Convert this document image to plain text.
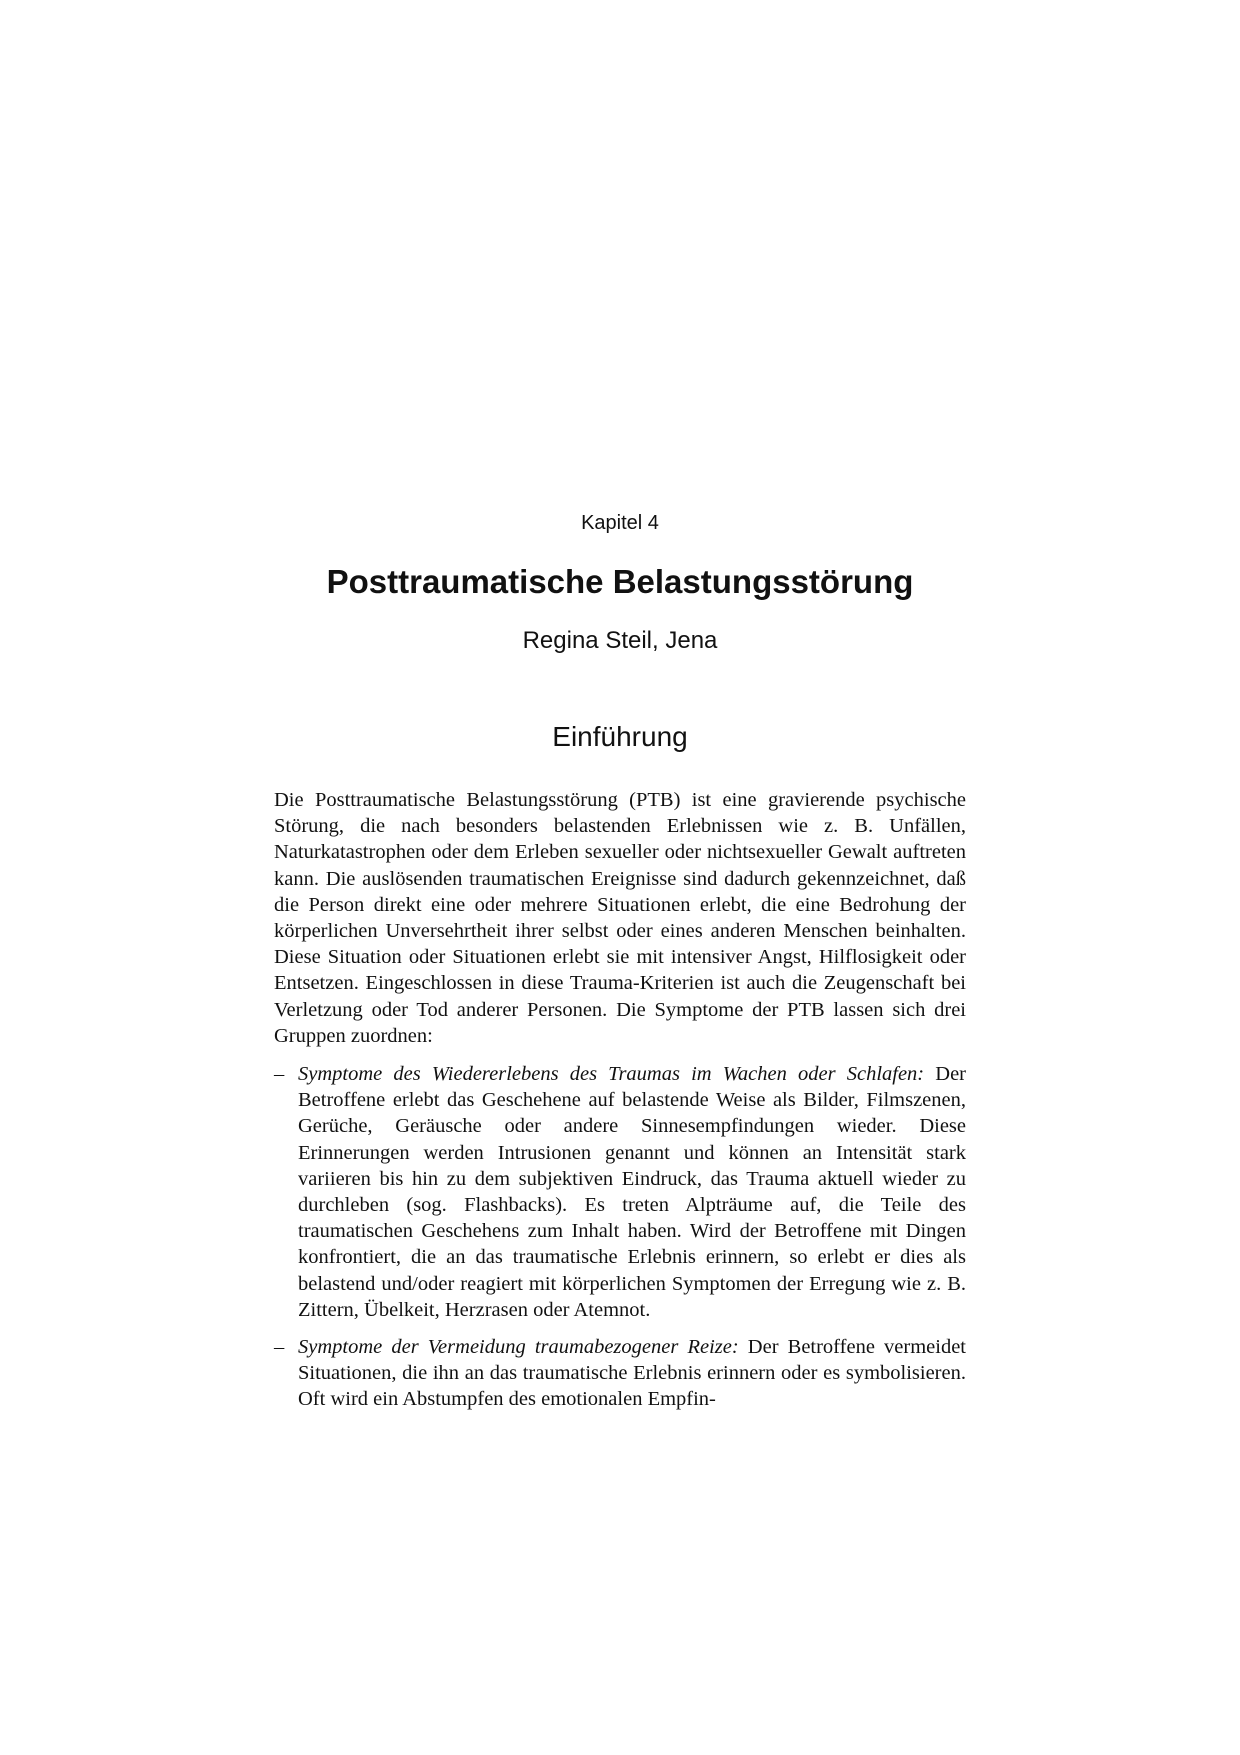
Kapitel 4
Posttraumatische Belastungsstörung
Regina Steil, Jena
Einführung

Die Posttraumatische Belastungsstörung (PTB) ist eine gravierende psychische Störung, die nach besonders belastenden Erlebnissen wie z. B. Unfällen, Naturkatastrophen oder dem Erleben sexueller oder nichtsexueller Gewalt auftreten kann. Die auslösenden traumatischen Ereignisse sind dadurch gekennzeichnet, daß die Person direkt eine oder mehrere Situationen erlebt, die eine Bedrohung der körperlichen Unversehrtheit ihrer selbst oder eines anderen Menschen beinhalten. Diese Situation oder Situationen erlebt sie mit intensiver Angst, Hilflosigkeit oder Entsetzen. Eingeschlossen in diese Trauma-Kriterien ist auch die Zeugenschaft bei Verletzung oder Tod anderer Personen. Die Symptome der PTB lassen sich drei Gruppen zuordnen:

– Symptome des Wiedererlebens des Traumas im Wachen oder Schlafen: Der Betroffene erlebt das Geschehene auf belastende Weise als Bilder, Filmszenen, Gerüche, Geräusche oder andere Sinnesempfindungen wieder. Diese Erinnerungen werden Intrusionen genannt und können an Intensität stark variieren bis hin zu dem subjektiven Eindruck, das Trauma aktuell wieder zu durchleben (sog. Flashbacks). Es treten Alpträume auf, die Teile des traumatischen Geschehens zum Inhalt haben. Wird der Betroffene mit Dingen konfrontiert, die an das traumatische Erlebnis erinnern, so erlebt er dies als belastend und/oder reagiert mit körperlichen Symptomen der Erregung wie z. B. Zittern, Übelkeit, Herzrasen oder Atemnot.
– Symptome der Vermeidung traumabezogener Reize: Der Betroffene vermeidet Situationen, die ihn an das traumatische Erlebnis erinnern oder es symbolisieren. Oft wird ein Abstumpfen des emotionalen Empfin-
